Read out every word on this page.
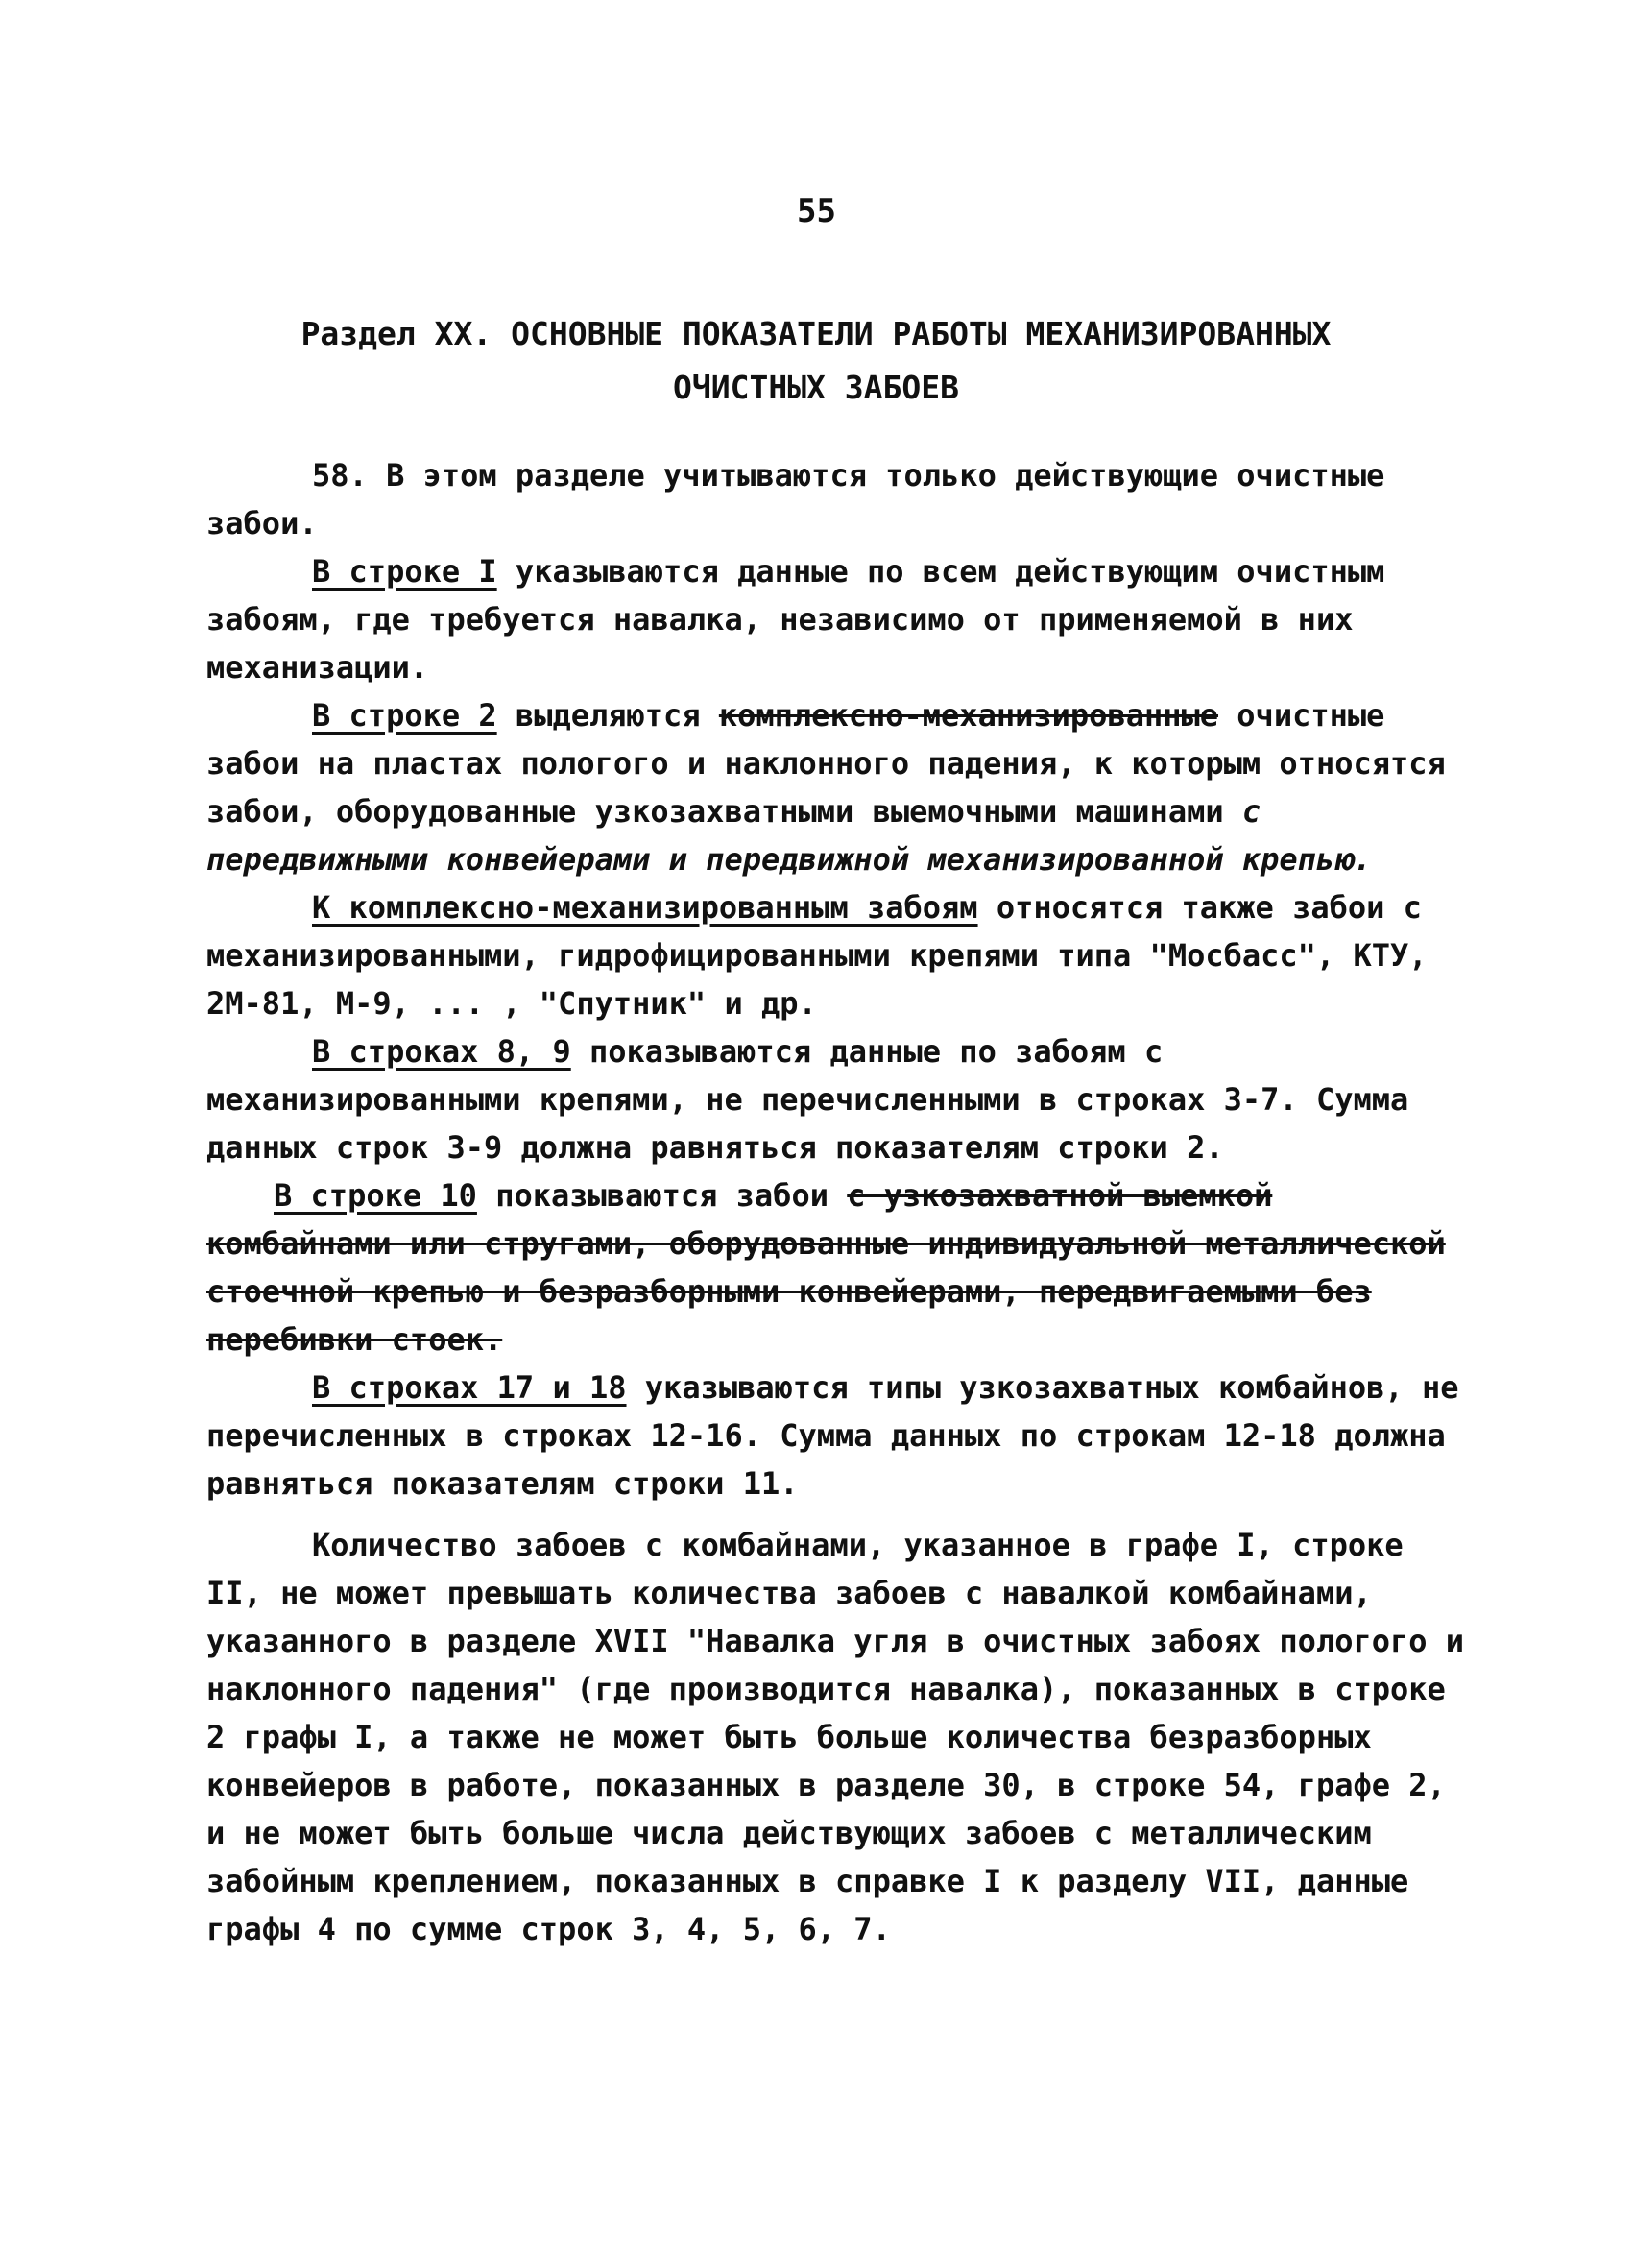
55
Раздел XX. ОСНОВНЫЕ ПОКАЗАТЕЛИ РАБОТЫ МЕХАНИЗИРОВАННЫХ
ОЧИСТНЫХ ЗАБОЕВ

58. В этом разделе учитываются только действующие очистные забои.

В строке I указываются данные по всем действующим очистным забоям, где требуется навалка, независимо от применяемой в них механизации.

В строке 2 выделяются комплексно-механизированные очистные забои на пластах пологого и наклонного падения, к которым относятся забои, оборудованные узкозахватными выемочными машинами с передвижными конвейерами и передвижной механизированной крепью.

К комплексно-механизированным забоям относятся также забои с механизированными, гидрофицированными крепями типа "Мосбасс", КТУ, 2М-81, М-9, ... , "Спутник" и др.

В строках 8, 9 показываются данные по забоям с механизированными крепями, не перечисленными в строках 3-7. Сумма данных строк 3-9 должна равняться показателям строки 2.

В строке 10 показываются забои с узкозахватной выемкой комбайнами или стругами, оборудованные индивидуальной металлической стоечной крепью и безразборными конвейерами, передвигаемыми без перебивки стоек.

В строках 17 и 18 указываются типы узкозахватных комбайнов, не перечисленных в строках 12-16. Сумма данных по строкам 12-18 должна равняться показателям строки 11.

Количество забоев с комбайнами, указанное в графе I, строке II, не может превышать количества забоев с навалкой комбайнами, указанного в разделе XVII "Навалка угля в очистных забоях пологого и наклонного падения" (где производится навалка), показанных в строке 2 графы I, а также не может быть больше количества безразборных конвейеров в работе, показанных в разделе 30, в строке 54, графе 2, и не может быть больше числа действующих забоев с металлическим забойным креплением, показанных в справке I к разделу VII, данные графы 4 по сумме строк 3, 4, 5, 6, 7.
